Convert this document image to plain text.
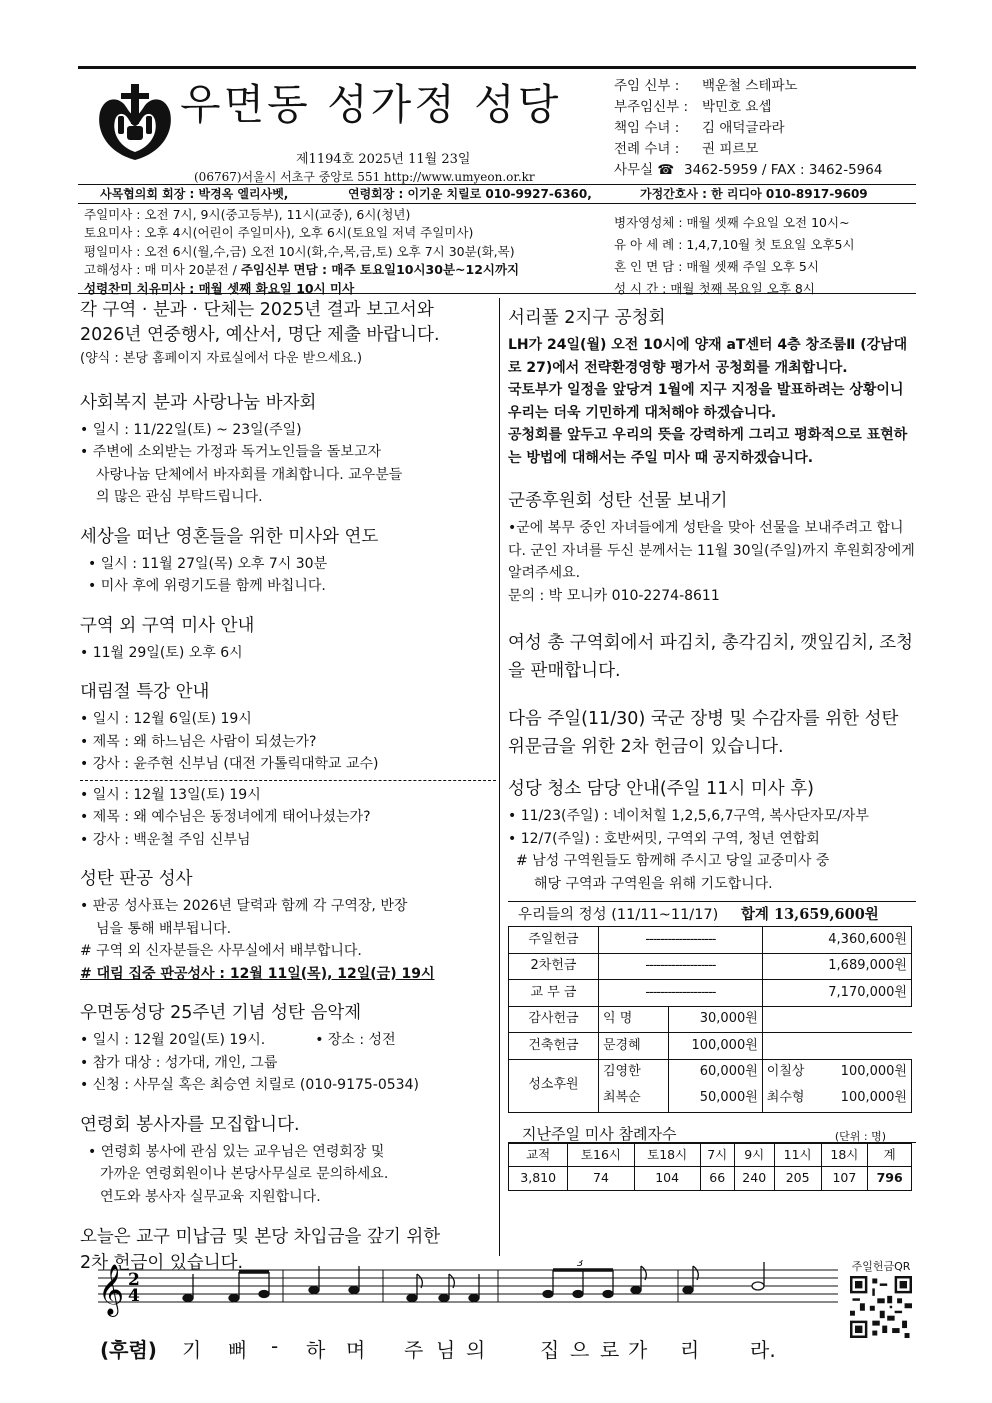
우면동 성가정 성당
제1194호 2025년 11월 23일
(06767)서울시 서초구 중앙로 551 http://www.umyeon.or.kr
주임 신부 :	백운철 스테파노
부주임신부 :	박민호 요셉
책임 수녀 :	김 애덕글라라
전례 수녀 :	권 피르모
사무실 ☎ 3462-5959 / FAX : 3462-5964
사목협의회 회장 : 박경옥 엘리사벳,	연령회장 : 이기운 치릴로 010-9927-6360,	가정간호사 : 한 리디아 010-8917-9609
주일미사 : 오전 7시, 9시(중고등부), 11시(교중), 6시(청년)
토요미사 : 오후 4시(어린이 주일미사), 오후 6시(토요일 저녁 주일미사)
평일미사 : 오전 6시(월,수,금) 오전 10시(화,수,목,금,토) 오후 7시 30분(화,목)
고해성사 : 매 미사 20분전 / 주임신부 면담 : 매주 토요일10시30분~12시까지
성령찬미 치유미사 : 매월 셋째 화요일 10시 미사
병자영성체 : 매월 셋째 수요일 오전 10시~
유 아 세 례 : 1,4,7,10월 첫 토요일 오후5시
혼 인 면 담 : 매월 셋째 주일 오후 5시
성 시 간 : 매월 첫째 목요일 오후 8시
각 구역 · 분과 · 단체는 2025년 결과 보고서와
2026년 연중행사, 예산서, 명단 제출 바랍니다.
(양식 : 본당 홈페이지 자료실에서 다운 받으세요.)
사회복지 분과 사랑나눔 바자회
• 일시 : 11/22일(토) ~ 23일(주일)
• 주변에 소외받는 가정과 독거노인들을 돌보고자
사랑나눔 단체에서 바자회를 개최합니다. 교우분들
의 많은 관심 부탁드립니다.
세상을 떠난 영혼들을 위한 미사와 연도
• 일시 : 11월 27일(목) 오후 7시 30분
• 미사 후에 위령기도를 함께 바칩니다.
구역 외 구역 미사 안내
• 11월 29일(토) 오후 6시
대림절 특강 안내
• 일시 : 12월 6일(토) 19시
• 제목 : 왜 하느님은 사람이 되셨는가?
• 강사 : 윤주현 신부님 (대전 가톨릭대학교 교수)
• 일시 : 12월 13일(토) 19시
• 제목 : 왜 예수님은 동정녀에게 태어나셨는가?
• 강사 : 백운철 주임 신부님
성탄 판공 성사
• 판공 성사표는 2026년 달력과 함께 각 구역장, 반장
님을 통해 배부됩니다.
# 구역 외 신자분들은 사무실에서 배부합니다.
# 대림 집중 판공성사 : 12월 11일(목), 12일(금) 19시
우면동성당 25주년 기념 성탄 음악제
• 일시 : 12월 20일(토) 19시.	• 장소 : 성전
• 참가 대상 : 성가대, 개인, 그룹
• 신청 : 사무실 혹은 최승연 치릴로 (010-9175-0534)
연령회 봉사자를 모집합니다.
• 연령회 봉사에 관심 있는 교우님은 연령회장 및
가까운 연령회원이나 본당사무실로 문의하세요.
연도와 봉사자 실무교육 지원합니다.
오늘은 교구 미납금 및 본당 차입금을 갚기 위한
2차 헌금이 있습니다.
서리풀 2지구 공청회
LH가 24일(월) 오전 10시에 양재 aT센터 4층 창조룸Ⅱ (강남대로 27)에서 전략환경영향 평가서 공청회를 개최합니다.
국토부가 일정을 앞당겨 1월에 지구 지정을 발표하려는 상황이니 우리는 더욱 기민하게 대처해야 하겠습니다.
공청회를 앞두고 우리의 뜻을 강력하게 그리고 평화적으로 표현하는 방법에 대해서는 주일 미사 때 공지하겠습니다.
군종후원회 성탄 선물 보내기
•군에 복무 중인 자녀들에게 성탄을 맞아 선물을 보내주려고 합니다. 군인 자녀를 두신 분께서는 11월 30일(주일)까지 후원회장에게 알려주세요.
문의 : 박 모니카 010-2274-8611
여성 총 구역회에서 파김치, 총각김치, 깻잎김치, 조청을 판매합니다.
다음 주일(11/30) 국군 장병 및 수감자를 위한 성탄 위문금을 위한 2차 헌금이 있습니다.
성당 청소 담당 안내(주일 11시 미사 후)
• 11/23(주일) : 네이처힐 1,2,5,6,7구역, 복사단자모/자부
• 12/7(주일) : 호반써밋, 구역외 구역, 청년 연합회
# 남성 구역원들도 함께해 주시고 당일 교중미사 중
해당 구역과 구역원을 위해 기도합니다.
우리들의 정성 (11/11~11/17) 합계 13,659,600원
주일헌금	-------------------		4,360,600원	
2차헌금	-------------------		1,689,000원	
교 무 금	-------------------		7,170,000원	
감사헌금	익 명	30,000원		
건축헌금	문경혜	100,000원		
성소후원	김영한	60,000원	이칠상	100,000원
	최복순	50,000원	최수형	100,000원
지난주일 미사 참례자수	(단위 : 명)
교적	토16시	토18시	7시	9시	11시	18시	계
3,810	74	104	66	240	205	107	796
𝄞 2
4
3
(후렴) 기 뻐 - 하 며 주 님 의	집 으 로 가 리	라.
주일헌금QR
